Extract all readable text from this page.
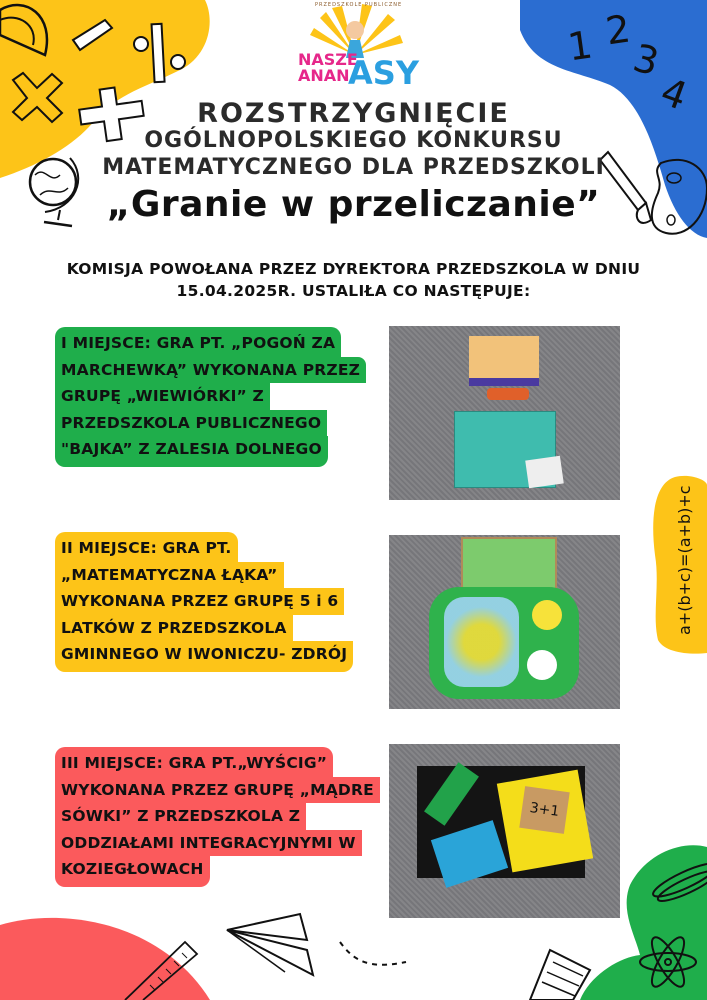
1 2
3
4
PRZEDSZKOLE PUBLICZNE
NASZE
ANAN
ASY
ROZSTRZYGNIĘCIE
OGÓLNOPOLSKIEGO KONKURSU
MATEMATYCZNEGO DLA PRZEDSZKOLI
„Granie w przeliczanie”
KOMISJA POWOŁANA PRZEZ DYREKTORA PRZEDSZKOLA W DNIU
15.04.2025R. USTALIŁA CO NASTĘPUJE:
I MIEJSCE: GRA PT. „POGOŃ ZA
MARCHEWKĄ” WYKONANA PRZEZ
GRUPĘ „WIEWIÓRKI” Z
PRZEDSZKOLA PUBLICZNEGO
"BAJKA” Z ZALESIA DOLNEGO
II MIEJSCE: GRA PT.
„MATEMATYCZNA ŁĄKA”
WYKONANA PRZEZ GRUPĘ 5 i 6
LATKÓW Z PRZEDSZKOLA
GMINNEGO W IWONICZU- ZDRÓJ
III MIEJSCE: GRA PT.„WYŚCIG”
WYKONANA PRZEZ GRUPĘ „MĄDRE
SÓWKI” Z PRZEDSZKOLA Z
ODDZIAŁAMI INTEGRACYJNYMI W
KOZIEGŁOWACH
3+1
a+(b+c)=(a+b)+c
